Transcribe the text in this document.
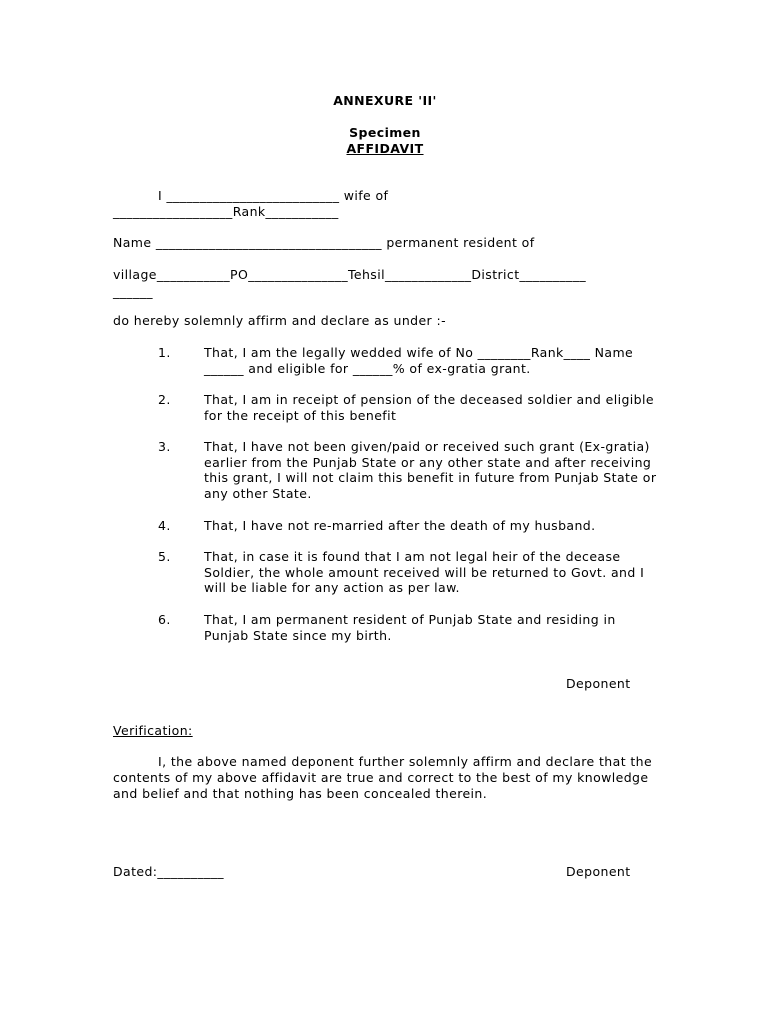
ANNEXURE 'II'
Specimen
AFFIDAVIT
I __________________________ wife of
__________________Rank___________
Name __________________________________ permanent resident of
village___________PO_______________Tehsil_____________District__________
______
do hereby solemnly affirm and declare as under :-
1.	That, I am the legally wedded wife of No ________Rank____ Name ______ and eligible for ______% of ex-gratia grant.
2.	That, I am in receipt of pension of the deceased soldier and eligible for the receipt of this benefit
3.	That, I have not been given/paid or received such grant (Ex-gratia) earlier from the Punjab State or any other state and after receiving this grant, I will not claim this benefit in future from Punjab State or any other State.
4.	That, I have not re-married after the death of my husband.
5.	That, in case it is found that I am not legal heir of the decease Soldier, the whole amount received will be returned to Govt. and I will be liable for any action as per law.
6.	That, I am permanent resident of Punjab State and residing in Punjab State since my birth.
Deponent
Verification:
I, the above named deponent further solemnly affirm and declare that the contents of my above affidavit are true and correct to the best of my knowledge and belief and that nothing has been concealed therein.
Dated:__________	Deponent
